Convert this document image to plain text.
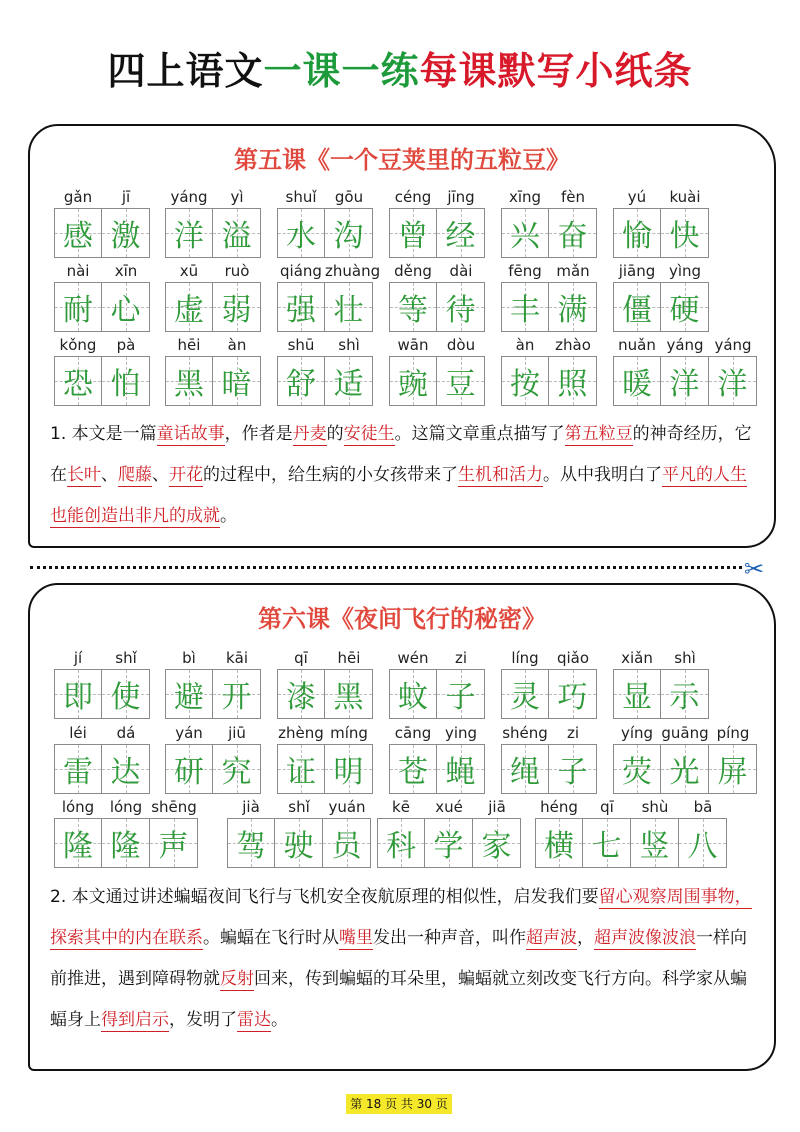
四上语文一课一练每课默写小纸条
第五课《一个豆荚里的五粒豆》
gǎn
感
jī
激
yáng
洋
yì
溢
shuǐ
水
gōu
沟
céng
曾
jīng
经
xīng
兴
fèn
奋
yú
愉
kuài
快
nài
耐
xīn
心
xū
虚
ruò
弱
qiáng
强
zhuàng
壮
děng
等
dài
待
fēng
丰
mǎn
满
jiāng
僵
yìng
硬
kǒng
恐
pà
怕
hēi
黑
àn
暗
shū
舒
shì
适
wān
豌
dòu
豆
àn
按
zhào
照
nuǎn
暖
yáng
洋
yáng
洋
1. 本文是一篇童话故事，作者是丹麦的安徒生。这篇文章重点描写了第五粒豆的神奇经历，它在长叶、爬藤、开花的过程中，给生病的小女孩带来了生机和活力。从中我明白了平凡的人生也能创造出非凡的成就。
✂
第六课《夜间飞行的秘密》
jí
即
shǐ
使
bì
避
kāi
开
qī
漆
hēi
黑
wén
蚊
zi
子
líng
灵
qiǎo
巧
xiǎn
显
shì
示
léi
雷
dá
达
yán
研
jiū
究
zhèng
证
míng
明
cāng
苍
ying
蝇
shéng
绳
zi
子
yíng
荧
guāng
光
píng
屏
lóng
隆
lóng
隆
shēng
声
jià
驾
shǐ
驶
yuán
员
kē
科
xué
学
jiā
家
héng
横
qī
七
shù
竖
bā
八
2. 本文通过讲述蝙蝠夜间飞行与飞机安全夜航原理的相似性，启发我们要留心观察周围事物，探索其中的内在联系。蝙蝠在飞行时从嘴里发出一种声音，叫作超声波，超声波像波浪一样向前推进，遇到障碍物就反射回来，传到蝙蝠的耳朵里，蝙蝠就立刻改变飞行方向。科学家从蝙蝠身上得到启示，发明了雷达。
第 18 页 共 30 页
